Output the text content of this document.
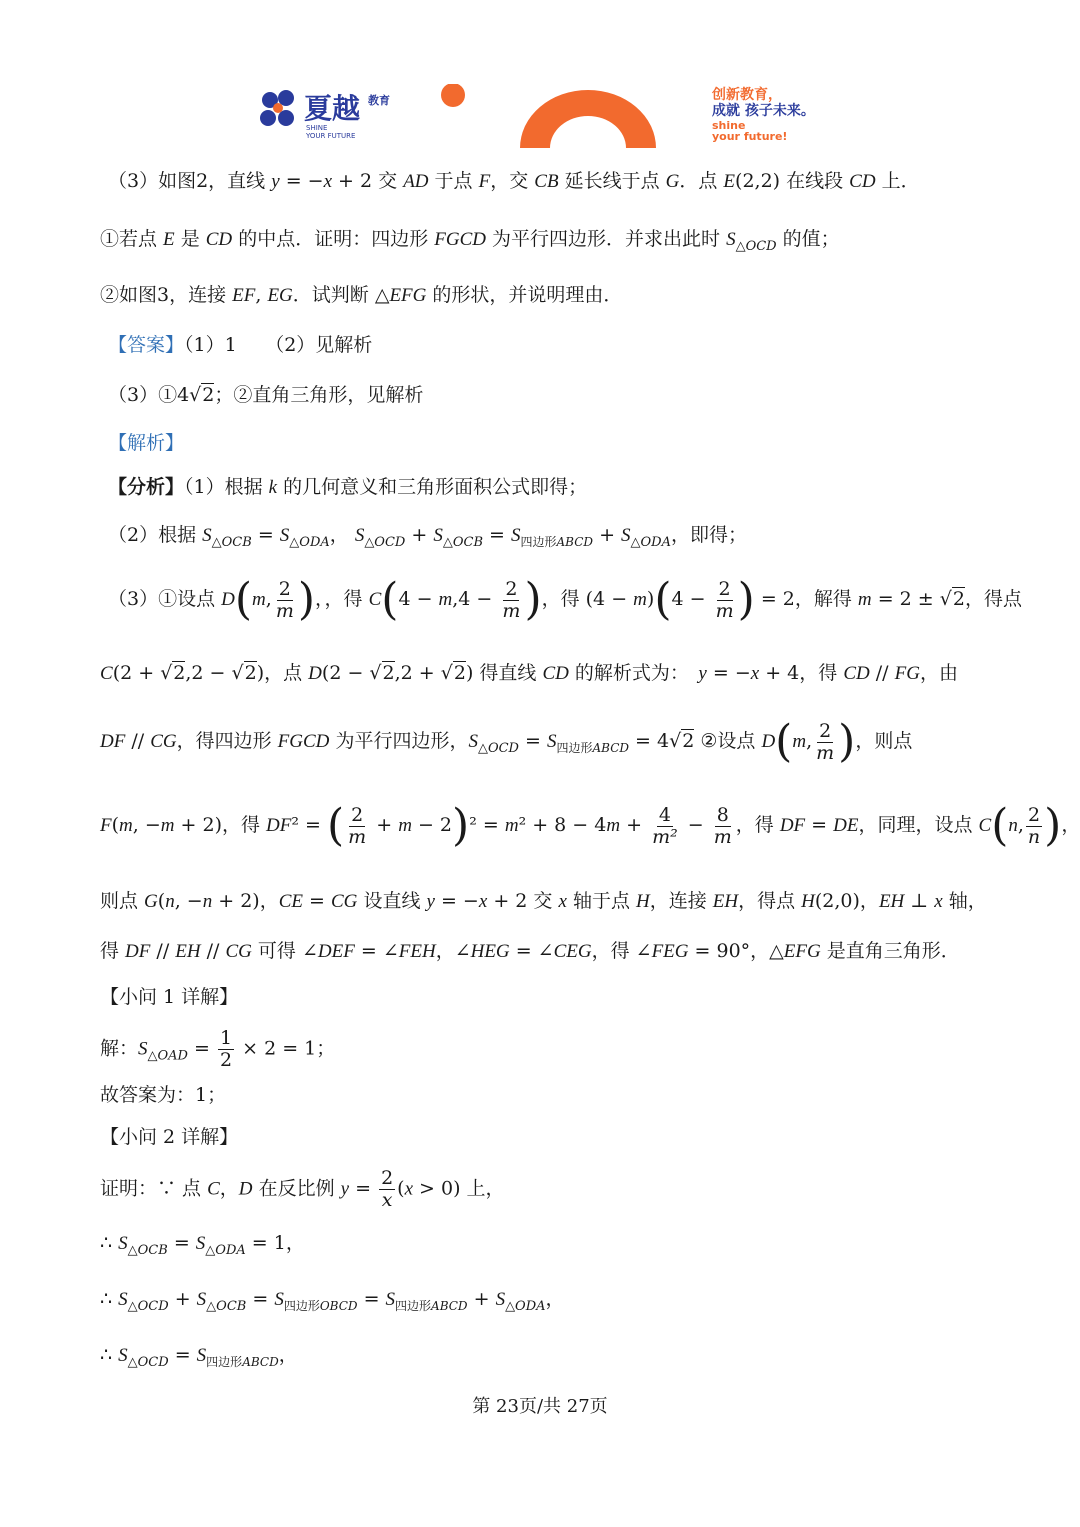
夏越 教育
SHINE
YOUR FUTURE
创新教育，
成就 孩子未来。
shine
your future!
（3）如图2，直线 y = −x + 2 交 AD 于点 F，交 CB 延长线于点 G．点 E(2,2) 在线段 CD 上．
①若点 E 是 CD 的中点．证明：四边形 FGCD 为平行四边形．并求出此时 $S_{\triangle OCD}$ 的值；
②如图3，连接 EF, EG．试判断 △EFG 的形状，并说明理由．
【答案】（1）1　　（2）见解析
（3）①4√2；②直角三角形，见解析
【解析】
【分析】（1）根据 k 的几何意义和三角形面积公式即得；
（2）根据 $S_{\triangle OCB} = S_{\triangle ODA}$， $S_{\triangle OCD} + S_{\triangle OCB} = S_{四边形ABCD} + S_{\triangle ODA}$，即得；
（3）①设点 D(m, $\frac{2}{m}$ )，，得 $C(4 - m,4 - \frac{2}{m}$ )，得 $(4 - m)(4 - \frac{2}{m}$ ) = 2，解得 m = 2 ± √2，得点
C(2 + √2,2 − √2)，点 D(2 − √2,2 + √2) 得直线 CD 的解析式为：　y = −x + 4，得 CD // FG，由
DF // CG，得四边形 FGCD 为平行四边形，$S_{\triangle OCD} = S_{四边形ABCD} = 4√2$ ②设点 D(m, $\frac{2}{m}$ )，则点
F(m, −m + 2)，得 DF² = ( $\frac{2}{m} + m - 2)^2 = m^2 + 8 - 4m + \frac{4}{\text{m²}} - \frac{8}{m}$ ，得 DF = DE，同理，设点 C(n, $\frac{2}{n}$ )，
则点 G(n, −n + 2)，CE = CG 设直线 y = −x + 2 交 x 轴于点 H，连接 EH，得点 H(2,0)，EH ⊥ x 轴，
得 DF // EH // CG 可得 ∠DEF = ∠FEH，∠HEG = ∠CEG，得 ∠FEG = 90°，△EFG 是直角三角形．
【小问 1 详解】
解：$S_{\triangle OAD} = \frac{1}{2} \times 2 = 1$；
故答案为：1；
【小问 2 详解】
证明：∵ 点 C，D 在反比例 $y = \frac{2}{x} (x > 0)$ 上，
∴ $S_{\triangle OCB} = S_{\triangle ODA} = 1$，
∴ $S_{\triangle OCD} + S_{\triangle OCB} = S_{四边形OBCD} = S_{四边形ABCD} + S_{\triangle ODA}$，
∴ $S_{\triangle OCD} = S_{四边形ABCD}$，
第 23页/共 27页
